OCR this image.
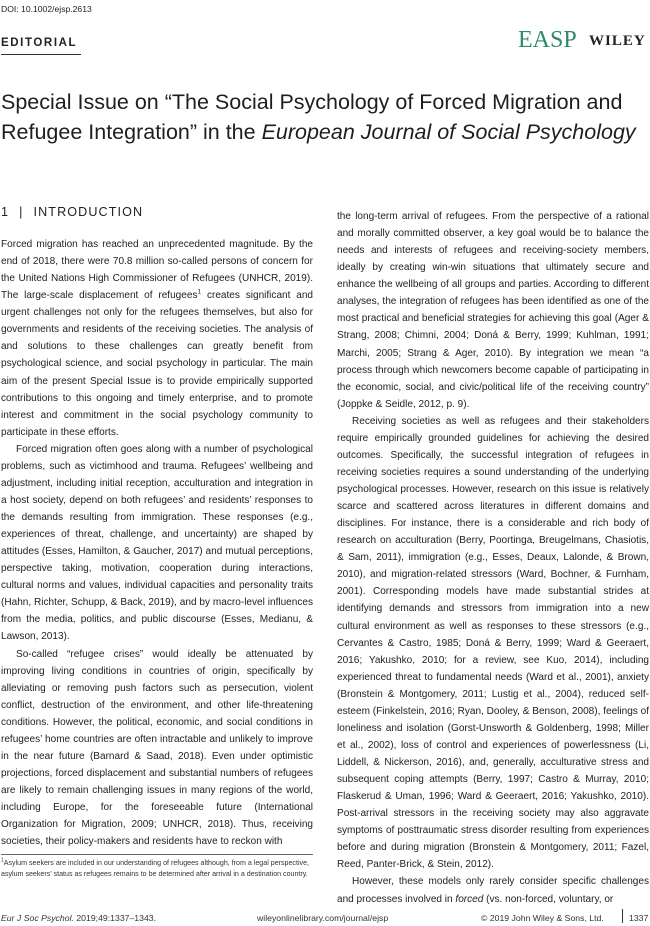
DOI: 10.1002/ejsp.2613
EDITORIAL	EASP WILEY
Special Issue on “The Social Psychology of Forced Migration and Refugee Integration” in the European Journal of Social Psychology
1 | INTRODUCTION

Forced migration has reached an unprecedented magnitude. By the end of 2018, there were 70.8 million so-called persons of concern for the United Nations High Commissioner of Refugees (UNHCR, 2019). The large-scale displacement of refugees$^1$ creates significant and urgent challenges not only for the refugees themselves, but also for governments and residents of the receiving societies. The analysis of and solutions to these challenges can greatly benefit from psychological science, and social psychology in particular. The main aim of the present Special Issue is to provide empirically supported contributions to this ongoing and timely enterprise, and to promote interest and commitment in the social psychology community to participate in these efforts.

Forced migration often goes along with a number of psychological problems, such as victimhood and trauma. Refugees’ wellbeing and adjustment, including initial reception, acculturation and integration in a host society, depend on both refugees’ and residents’ responses to the demands resulting from immigration. These responses (e.g., experiences of threat, challenge, and uncertainty) are shaped by attitudes (Esses, Hamilton, & Gaucher, 2017) and mutual perceptions, perspective taking, motivation, cooperation during interactions, cultural norms and values, individual capacities and personality traits (Hahn, Richter, Schupp, & Back, 2019), and by macro-level influences from the media, politics, and public discourse (Esses, Medianu, & Lawson, 2013).

So-called “refugee crises” would ideally be attenuated by improving living conditions in countries of origin, specifically by alleviating or removing push factors such as persecution, violent conflict, destruction of the environment, and other life-threatening conditions. However, the political, economic, and social conditions in refugees’ home countries are often intractable and unlikely to improve in the near future (Barnard & Saad, 2018). Even under optimistic projections, forced displacement and substantial numbers of refugees are likely to remain challenging issues in many regions of the world, including Europe, for the foreseeable future (International Organization for Migration, 2009; UNHCR, 2018). Thus, receiving societies, their policy-makers and residents have to reckon with

the long-term arrival of refugees. From the perspective of a rational and morally committed observer, a key goal would be to balance the needs and interests of refugees and receiving-society members, ideally by creating win-win situations that ultimately secure and enhance the wellbeing of all groups and parties. According to different analyses, the integration of refugees has been identified as one of the most practical and beneficial strategies for achieving this goal (Ager & Strang, 2008; Chimni, 2004; Doná & Berry, 1999; Kuhlman, 1991; Marchi, 2005; Strang & Ager, 2010). By integration we mean “a process through which newcomers become capable of participating in the economic, social, and civic/political life of the receiving country” (Joppke & Seidle, 2012, p. 9).

Receiving societies as well as refugees and their stakeholders require empirically grounded guidelines for achieving the desired outcomes. Specifically, the successful integration of refugees in receiving societies requires a sound understanding of the underlying psychological processes. However, research on this issue is relatively scarce and scattered across literatures in different domains and disciplines. For instance, there is a considerable and rich body of research on acculturation (Berry, Poortinga, Breugelmans, Chasiotis, & Sam, 2011), immigration (e.g., Esses, Deaux, Lalonde, & Brown, 2010), and migration-related stressors (Ward, Bochner, & Furnham, 2001). Corresponding models have made substantial strides at identifying demands and stressors from immigration into a new cultural environment as well as responses to these stressors (e.g., Cervantes & Castro, 1985; Doná & Berry, 1999; Ward & Geeraert, 2016; Yakushko, 2010; for a review, see Kuo, 2014), including experienced threat to fundamental needs (Ward et al., 2001), anxiety (Bronstein & Montgomery, 2011; Lustig et al., 2004), reduced self-esteem (Finkelstein, 2016; Ryan, Dooley, & Benson, 2008), feelings of loneliness and isolation (Gorst-Unsworth & Goldenberg, 1998; Miller et al., 2002), loss of control and experiences of powerlessness (Li, Liddell, & Nickerson, 2016), and, generally, acculturative stress and subsequent coping attempts (Berry, 1997; Castro & Murray, 2010; Flaskerud & Uman, 1996; Ward & Geeraert, 2016; Yakushko, 2010). Post-arrival stressors in the receiving society may also aggravate symptoms of posttraumatic stress disorder resulting from experiences before and during migration (Bronstein & Montgomery, 2011; Fazel, Reed, Panter-Brick, & Stein, 2012).

However, these models only rarely consider specific challenges and processes involved in forced (vs. non-forced, voluntary, or

$^1$Asylum seekers are included in our understanding of refugees although, from a legal perspective, asylum seekers’ status as refugees remains to be determined after arrival in a destination country.
Eur J Soc Psychol. 2019;49:1337–1343.	wileyonlinelibrary.com/journal/ejsp	© 2019 John Wiley & Sons, Ltd.	1337
